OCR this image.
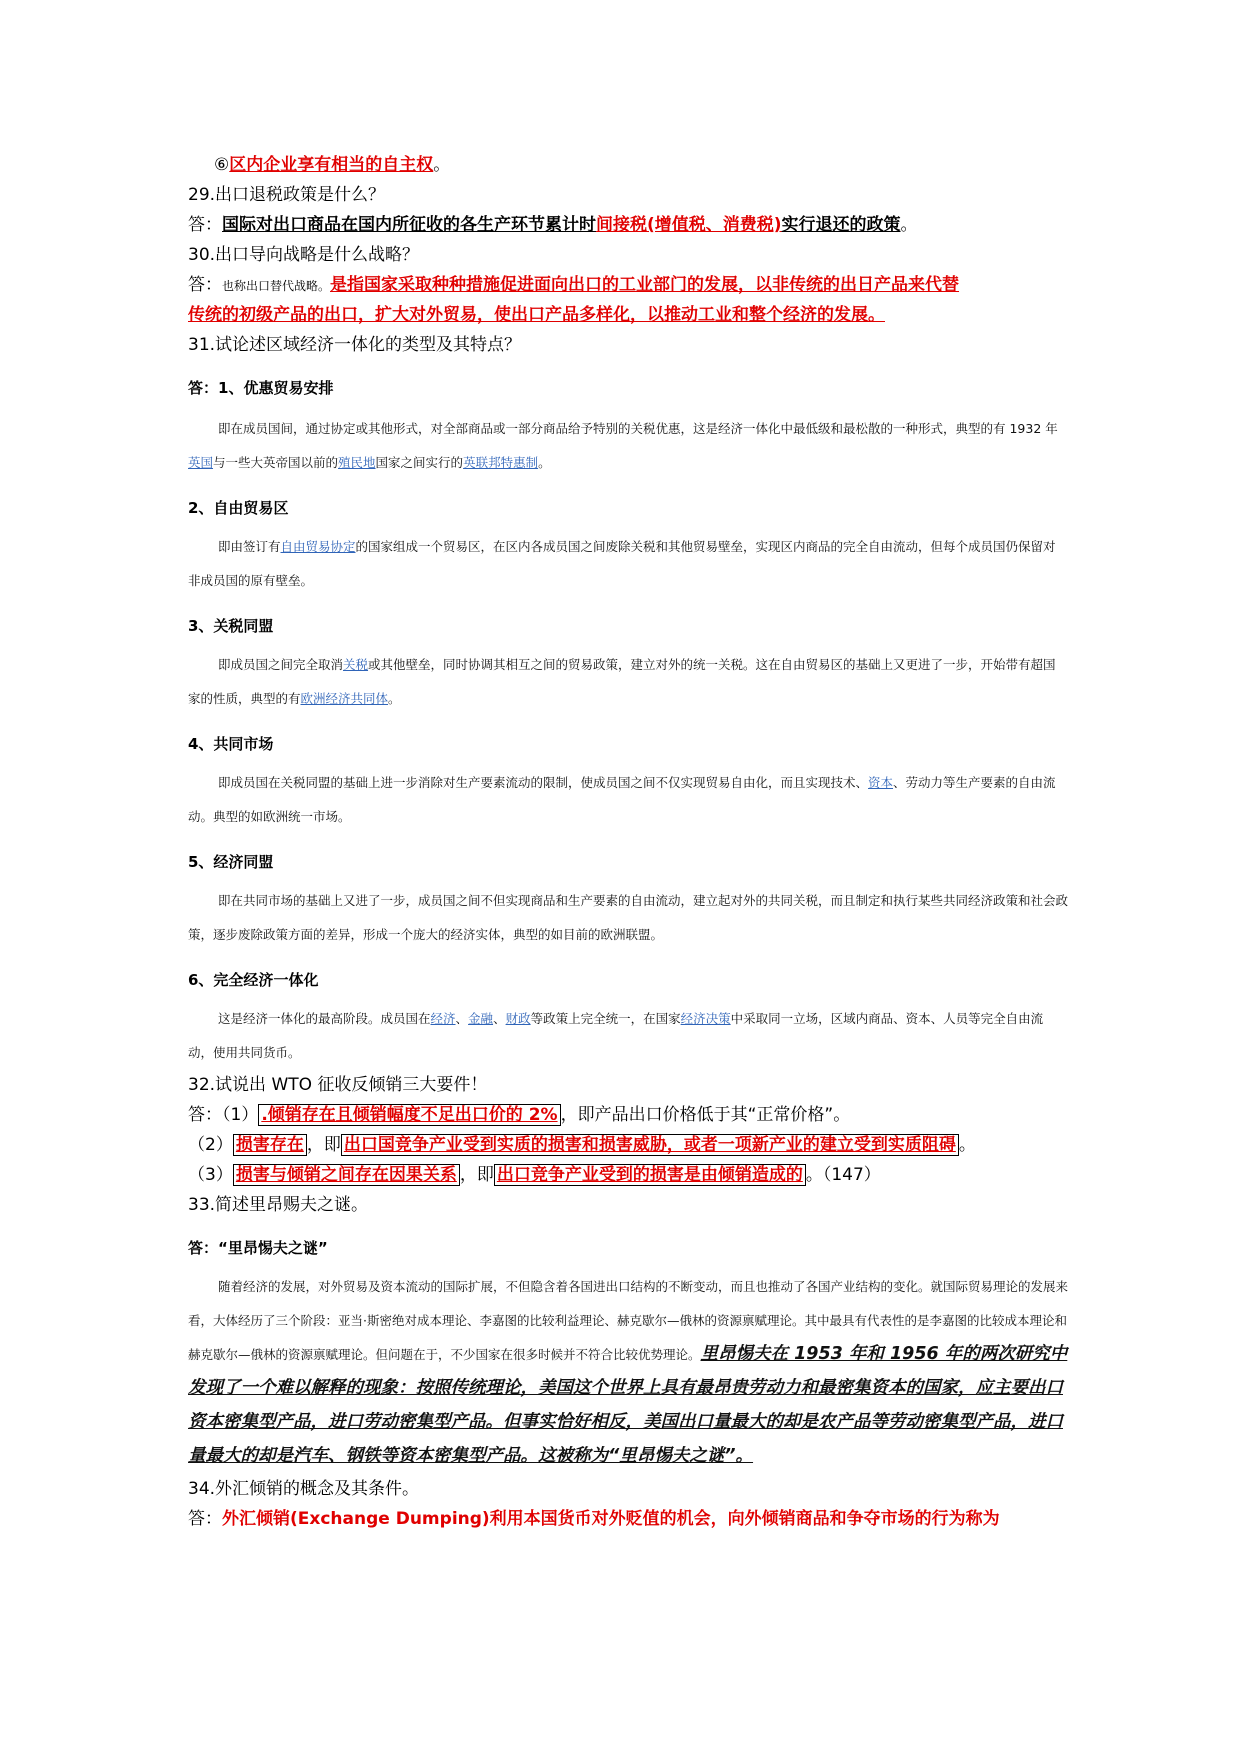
⑥区内企业享有相当的自主权。
29.出口退税政策是什么？
答：国际对出口商品在国内所征收的各生产环节累计时间接税(增值税、消费税)实行退还的政策。
30.出口导向战略是什么战略？
答：也称出口替代战略。是指国家采取种种措施促进面向出口的工业部门的发展，以非传统的出日产品来代替
传统的初级产品的出口，扩大对外贸易，使出口产品多样化，以推动工业和整个经济的发展。
31.试论述区域经济一体化的类型及其特点？
答：1、优惠贸易安排
即在成员国间，通过协定或其他形式，对全部商品或一部分商品给予特别的关税优惠，这是经济一体化中最低级和最松散的一种形式，典型的有 1932 年英国与一些大英帝国以前的殖民地国家之间实行的英联邦特惠制。
2、自由贸易区
即由签订有自由贸易协定的国家组成一个贸易区，在区内各成员国之间废除关税和其他贸易壁垒，实现区内商品的完全自由流动，但每个成员国仍保留对非成员国的原有壁垒。
3、关税同盟
即成员国之间完全取消关税或其他壁垒，同时协调其相互之间的贸易政策，建立对外的统一关税。这在自由贸易区的基础上又更进了一步，开始带有超国家的性质，典型的有欧洲经济共同体。
4、共同市场
即成员国在关税同盟的基础上进一步消除对生产要素流动的限制，使成员国之间不仅实现贸易自由化，而且实现技术、资本、劳动力等生产要素的自由流动。典型的如欧洲统一市场。
5、经济同盟
即在共同市场的基础上又进了一步，成员国之间不但实现商品和生产要素的自由流动，建立起对外的共同关税，而且制定和执行某些共同经济政策和社会政策，逐步废除政策方面的差异，形成一个庞大的经济实体，典型的如目前的欧洲联盟。
6、完全经济一体化
这是经济一体化的最高阶段。成员国在经济、金融、财政等政策上完全统一，在国家经济决策中采取同一立场，区域内商品、资本、人员等完全自由流动，使用共同货币。
32.试说出 WTO 征收反倾销三大要件！
答：（1） .倾销存在且倾销幅度不足出口价的 2% ，即产品出口价格低于其“正常价格”。
（2） 损害存在 ，即 出口国竞争产业受到实质的损害和损害威胁，或者一项新产业的建立受到实质阻碍 。
（3） 损害与倾销之间存在因果关系 ，即 出口竞争产业受到的损害是由倾销造成的 。（147）
33.简述里昂赐夫之谜。
答：“里昂惕夫之谜”
随着经济的发展，对外贸易及资本流动的国际扩展，不但隐含着各国进出口结构的不断变动，而且也推动了各国产业结构的变化。就国际贸易理论的发展来看，大体经历了三个阶段：亚当·斯密绝对成本理论、李嘉图的比较利益理论、赫克歇尔—俄林的资源禀赋理论。其中最具有代表性的是李嘉图的比较成本理论和赫克歇尔—俄林的资源禀赋理论。但问题在于，不少国家在很多时候并不符合比较优势理论。里昂惕夫在 1953 年和 1956 年的两次研究中发现了一个难以解释的现象：按照传统理论，美国这个世界上具有最昂贵劳动力和最密集资本的国家，应主要出口资本密集型产品，进口劳动密集型产品。但事实恰好相反，美国出口量最大的却是农产品等劳动密集型产品，进口量最大的却是汽车、钢铁等资本密集型产品。这被称为“里昂惕夫之谜”。
34.外汇倾销的概念及其条件。
答：外汇倾销(Exchange Dumping)利用本国货币对外贬值的机会，向外倾销商品和争夺市场的行为称为
